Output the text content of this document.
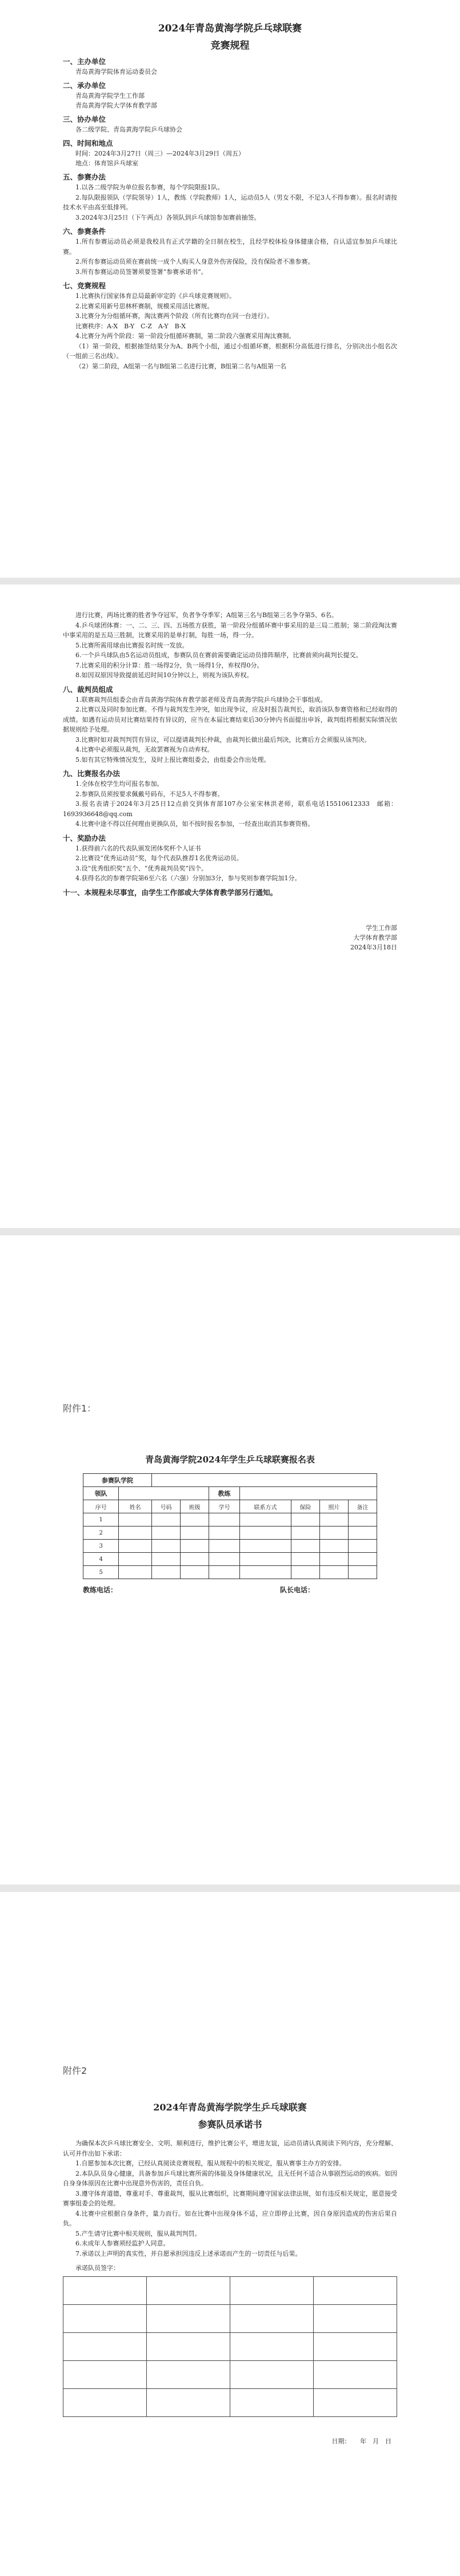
2024年青岛黄海学院乒乓球联赛
竞赛规程
一、主办单位
青岛黄海学院体育运动委员会
二、承办单位
青岛黄海学院学生工作部
青岛黄海学院大学体育教学部
三、协办单位
各二级学院、青岛黄海学院乒乓球协会
四、时间和地点
时间：2024年3月27日（周三）—2024年3月29日（周五）
地点：体育馆乒乓球室
五、参赛办法
1.以各二级学院为单位报名参赛，每个学院限报1队。
2.每队限报领队（学院领导）1人，教练（学院教师）1人，运动员5人（男女不限，不足3人不得参赛）。报名时请按技术水平由高至低排列。
3.2024年3月25日（下午两点）各领队到乒乓球馆参加赛前抽签。
六、参赛条件
1.所有参赛运动员必须是我校具有正式学籍的全日制在校生，且经学校体检身体健康合格，自认适宜参加乒乓球比赛。
2.所有参赛运动员须在赛前统一成个人购买人身意外伤害保险，没有保险者不准参赛。
3.所有参赛运动员签署须要签署“参赛承诺书”。
七、竞赛规程
1.比赛执行国家体育总局最新审定的《乒乓球竞赛规则》。
2.比赛采用新号思林杯赛制，规模采用活比赛规。
3.比赛分为分组循环赛，淘汰赛两个阶段（所有比赛均在同一台进行）。
比赛秩序：A-X　B-Y　C-Z　A-Y　B-X
4.比赛分为两个阶段：第一阶段分组循环赛制，第二阶段六强赛采用淘汰赛制。
（1）第一阶段，根据抽签结果分为A、B两个小组，通过小组循环赛，根据积分高低进行排名，分别决出小组名次（一组前三名出线）。
（2）第二阶段，A组第一名与B组第二名进行比赛，B组第二名与A组第一名
进行比赛，两场比赛的胜者争夺冠军，负者争夺季军；A组第三名与B组第三名争夺第5、6名。
4.乒乓球团体赛：一、二、三、四、五场胜方获胜，第一阶段分组循环赛中事采用的是三局二胜制；第二阶段淘汰赛中事采用的是五局三胜制，比赛采用的是单打制，每胜一场，得一分。
5.比赛所需用球由比赛报名时统一发放。
6.一个乒乓球队由5名运动员组成，参赛队员在赛前需要确定运动员排阵顺序，比赛前须向裁判长提交。
7.比赛采用的积分计算：胜一场得2分，负一场得1分，弃权得0分。
8.如因双原因导致提前延迟时间10分钟以上，则视为该队弃权。
八、裁判员组成
1.联赛裁判员组委会由青岛黄海学院体育教学部老师及青岛黄海学院乒乓球协会干事组成。
2.比赛以及同时参加比赛。不得与裁判发生冲突，如出现争议，应及时报告裁判长，取消该队参赛资格和已经取得的成绩。如遇有运动员对比赛结果持有异议的，应当在本届比赛结束后30分钟内书面提出申诉，裁判组将根据实际情况依据规则给予处理。
3.比赛时如对裁判判罚有异议，可以提请裁判长仲裁，由裁判长做出最后判决，比赛后方会须服从该判决。
4.比赛中必须服从裁判，无故罢赛视为自动弃权。
5.如有其它特殊情况发生，及时上报比赛组委会，由组委会作出处理。
九、比赛报名办法
1.全体在校学生均可报名参加。
2.参赛队员须按要求佩戴号码布，不足5人不得参赛。
3.报名表请于2024年3月25日12点前交到体育部107办公室宋林洪老师，联系电话15510612333　邮箱：1693936648@qq.com
4.比赛中途不得以任何理由更换队员，如不按时报名参加，一经查出取消其参赛资格。
十、奖励办法
1.获得前六名的代表队颁发团体奖杯个人证书
2.比赛设“优秀运动员”奖，每个代表队推荐1名优秀运动员。
3.设“优秀组织奖”五个、“优秀裁判员奖”四个。
4.获得名次的参赛学院第6至六名（六强）分别加3分，参与奖则参赛学院加1分。
十一、本规程未尽事宜，由学生工作部或大学体育教学部另行通知。
学生工作部
大学体育教学部
2024年3月18日
附件1：
青岛黄海学院2024年学生乒乓球联赛报名表
参赛队学院								
领队				教练				
序号	姓名	号码	班级	学号	联系方式	保险	照片	备注
1								
2								
3								
4								
5								
教练电话：	队长电话：
附件2
2024年青岛黄海学院学生乒乓球联赛
参赛队员承诺书
为确保本次乒乓球比赛安全、文明、顺利进行，维护比赛公平，增进友谊，运动员请认真阅读下列内容，充分理解、认可并作出如下承诺：
1.自愿参加本次比赛，已经认真阅读竞赛规程，服从规程中的相关规定，服从赛事主办方的安排。
2.本队队员身心健康，具备参加乒乓球比赛所需的体能及身体健康状况，且无任何不适合从事剧烈运动的疾病。如因自身身体原因在比赛中出现意外伤害的，责任自负。
3.遵守体育道德，尊重对手、尊重裁判，服从比赛组织，比赛期间遵守国家法律法规，如有违反相关规定，愿意接受赛事组委会的处理。
4.比赛中应根据自身条件，量力而行。如在比赛中出现身体不适，应立即停止比赛，因自身原因造成的伤害后果自负。
5.产生请守比赛中相关规则，服从裁判判罚。
6.未成年人参赛须经监护人同意。
7.承诺以上声明的真实性，并自愿承担因违反上述承诺而产生的一切责任与后果。
承诺队员签字：

日期：　　年　月　日
